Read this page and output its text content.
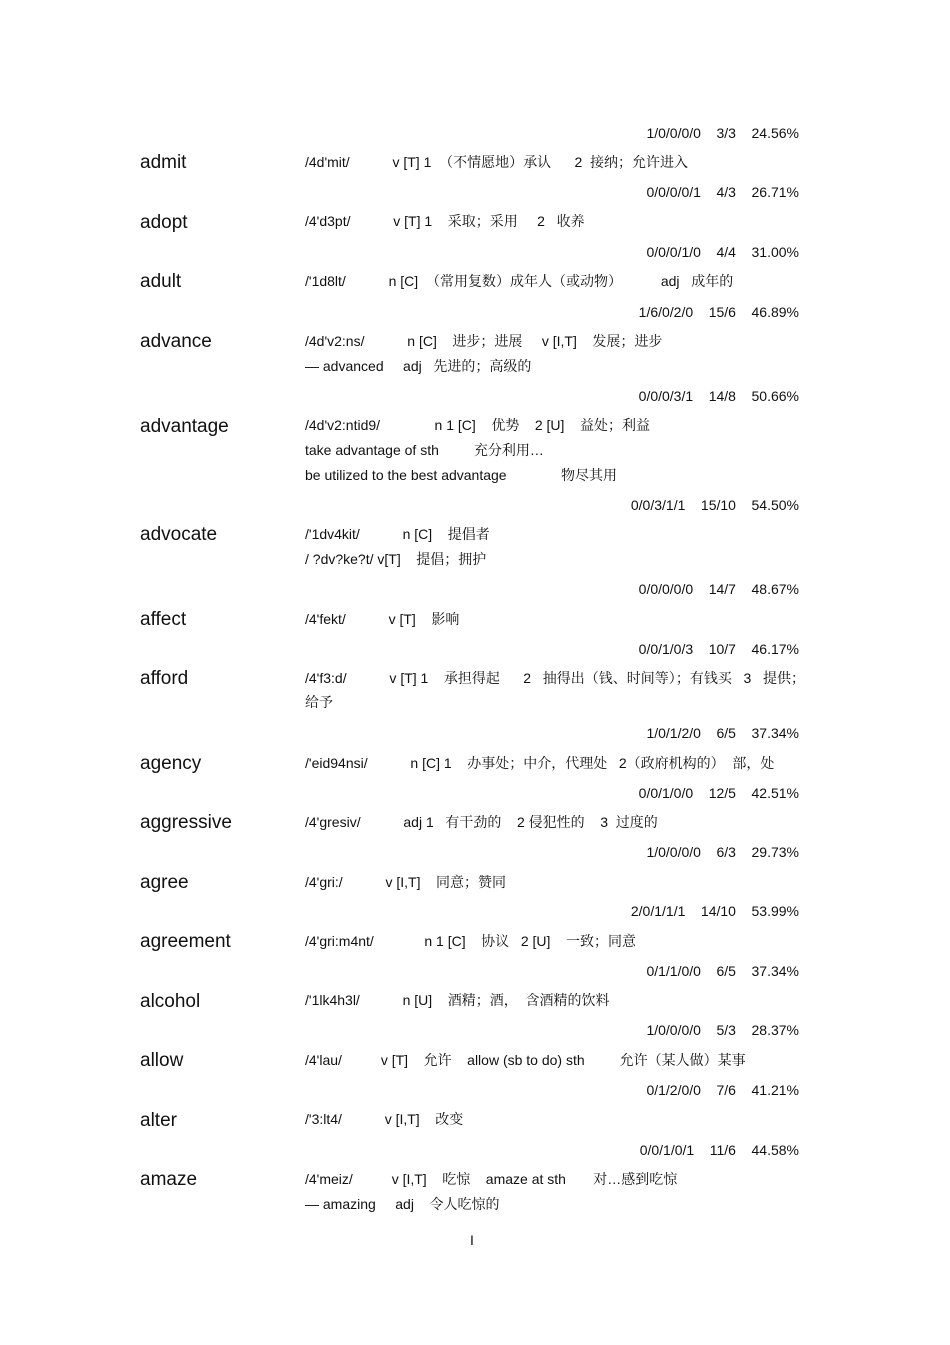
1/0/0/0/0    3/3    24.56%
admit	/4d'mit/           v [T] 1  （不情愿地）承认      2  接纳；允许进入
0/0/0/0/1    4/3    26.71%
adopt	/4'd3pt/           v [T] 1    采取；采用     2   收养
0/0/0/1/0    4/4    31.00%
adult	/'1d8lt/           n [C]  （常用复数）成年人（或动物）          adj   成年的
1/6/0/2/0    15/6    46.89%
advance	/4d'v2:ns/           n [C]    进步；进展     v [I,T]    发展；进步
— advanced     adj   先进的；高级的
0/0/0/3/1    14/8    50.66%
advantage	/4d'v2:ntid9/              n 1 [C]    优势    2 [U]    益处；利益
take advantage of sth         充分利用…
be utilized to the best advantage              物尽其用
0/0/3/1/1    15/10    54.50%
advocate	/'1dv4kit/           n [C]    提倡者
/ ?dv?ke?t/ v[T]    提倡；拥护
0/0/0/0/0    14/7    48.67%
affect	/4'fekt/           v [T]    影响
0/0/1/0/3    10/7    46.17%
afford	/4'f3:d/           v [T] 1    承担得起      2   抽得出（钱、时间等）；有钱买   3   提供；给予
1/0/1/2/0    6/5    37.34%
agency	/'eid94nsi/           n [C] 1    办事处；中介，代理处   2（政府机构的）  部，处
0/0/1/0/0    12/5    42.51%
aggressive	/4'gresiv/           adj 1   有干劲的    2 侵犯性的    3  过度的
1/0/0/0/0    6/3    29.73%
agree	/4'gri:/           v [I,T]    同意；赞同
2/0/1/1/1    14/10    53.99%
agreement	/4'gri:m4nt/             n 1 [C]    协议   2 [U]    一致；同意
0/1/1/0/0    6/5    37.34%
alcohol	/'1lk4h3l/           n [U]    酒精；酒，  含酒精的饮料
1/0/0/0/0    5/3    28.37%
allow	/4'lau/          v [T]    允许    allow (sb to do) sth         允许（某人做）某事
0/1/2/0/0    7/6    41.21%
alter	/'3:lt4/           v [I,T]    改变
0/0/1/0/1    11/6    44.58%
amaze	/4'meiz/          v [I,T]    吃惊    amaze at sth       对…感到吃惊
— amazing     adj    令人吃惊的
I
